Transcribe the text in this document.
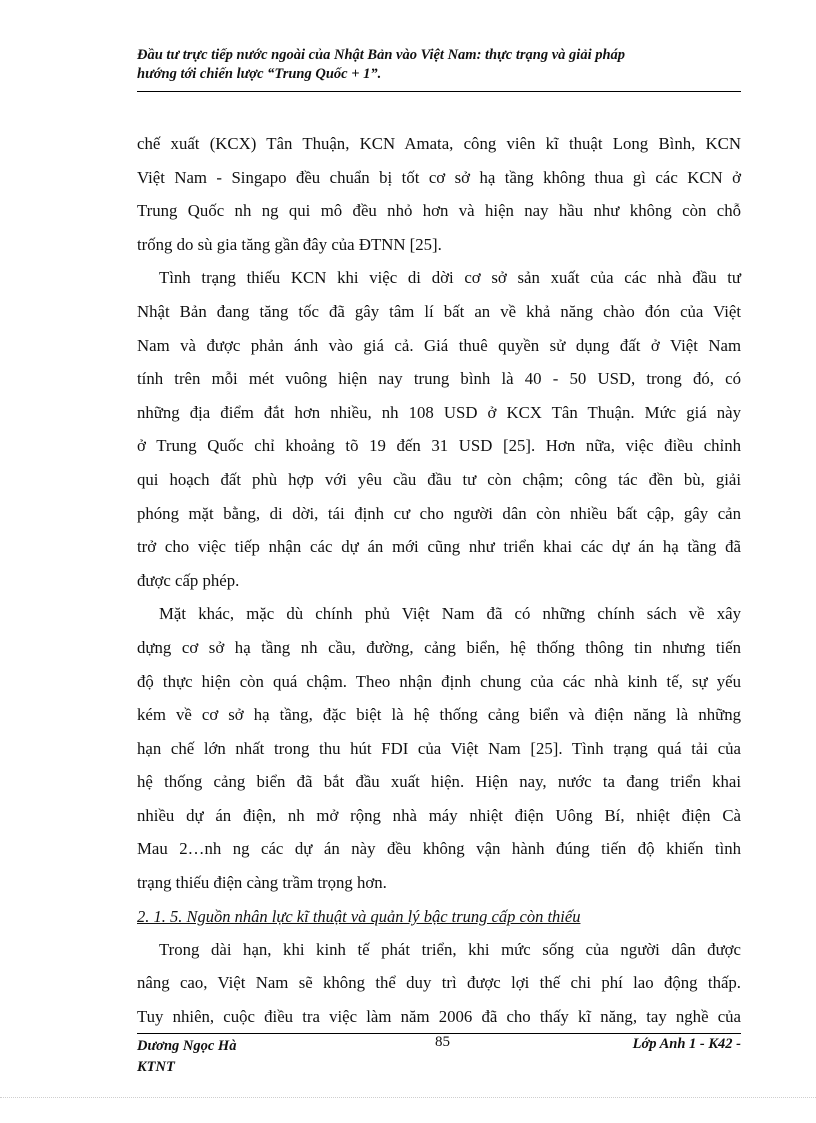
Đầu tư trực tiếp nước ngoài của Nhật Bản vào Việt Nam: thực trạng và giải pháp
hướng tới chiến lược “Trung Quốc + 1”.

chế xuất (KCX) Tân Thuận, KCN Amata, công viên kĩ thuật Long Bình, KCN

Việt Nam - Singapo đều chuẩn bị tốt cơ sở hạ tầng không thua gì các KCN ở

Trung Quốc nh ng qui mô đều nhỏ hơn và hiện nay hầu như không còn chỗ

trống do sù gia tăng gần đây của ĐTNN [25].

Tình trạng thiếu KCN khi việc di dời cơ sở sản xuất của các nhà đầu tư

Nhật Bản đang tăng tốc đã gây tâm lí bất an về khả năng chào đón của Việt

Nam và được phản ánh vào giá cả. Giá thuê quyền sử dụng đất ở Việt Nam

tính trên mỗi mét vuông hiện nay trung bình là 40 - 50 USD, trong đó, có

những địa điểm đắt hơn nhiều, nh 108 USD ở KCX Tân Thuận. Mức giá này

ở Trung Quốc chỉ khoảng tõ 19 đến 31 USD [25]. Hơn nữa, việc điều chỉnh

qui hoạch đất phù hợp với yêu cầu đầu tư còn chậm; công tác đền bù, giải

phóng mặt bằng, di dời, tái định cư cho người dân còn nhiều bất cập, gây cản

trở cho việc tiếp nhận các dự án mới cũng như triển khai các dự án hạ tầng đã

được cấp phép.

Mặt khác, mặc dù chính phủ Việt Nam đã có những chính sách về xây

dựng cơ sở hạ tầng nh cầu, đường, cảng biển, hệ thống thông tin nhưng tiến

độ thực hiện còn quá chậm. Theo nhận định chung của các nhà kinh tế, sự yếu

kém về cơ sở hạ tầng, đặc biệt là hệ thống cảng biển và điện năng là những

hạn chế lớn nhất trong thu hút FDI của Việt Nam [25]. Tình trạng quá tải của

hệ thống cảng biển đã bắt đầu xuất hiện. Hiện nay, nước ta đang triển khai

nhiều dự án điện, nh mở rộng nhà máy nhiệt điện Uông Bí, nhiệt điện Cà

Mau 2…nh ng các dự án này đều không vận hành đúng tiến độ khiến tình

trạng thiếu điện càng trầm trọng hơn.

2. 1. 5. Nguồn nhân lực kĩ thuật và quản lý bậc trung cấp còn thiếu

Trong dài hạn, khi kinh tế phát triển, khi mức sống của người dân được

nâng cao, Việt Nam sẽ không thể duy trì được lợi thế chi phí lao động thấp.

Tuy nhiên, cuộc điều tra việc làm năm 2006 đã cho thấy kĩ năng, tay nghề của

Dương Ngọc Hà
KTNT
85	Lớp Anh 1 - K42 -
